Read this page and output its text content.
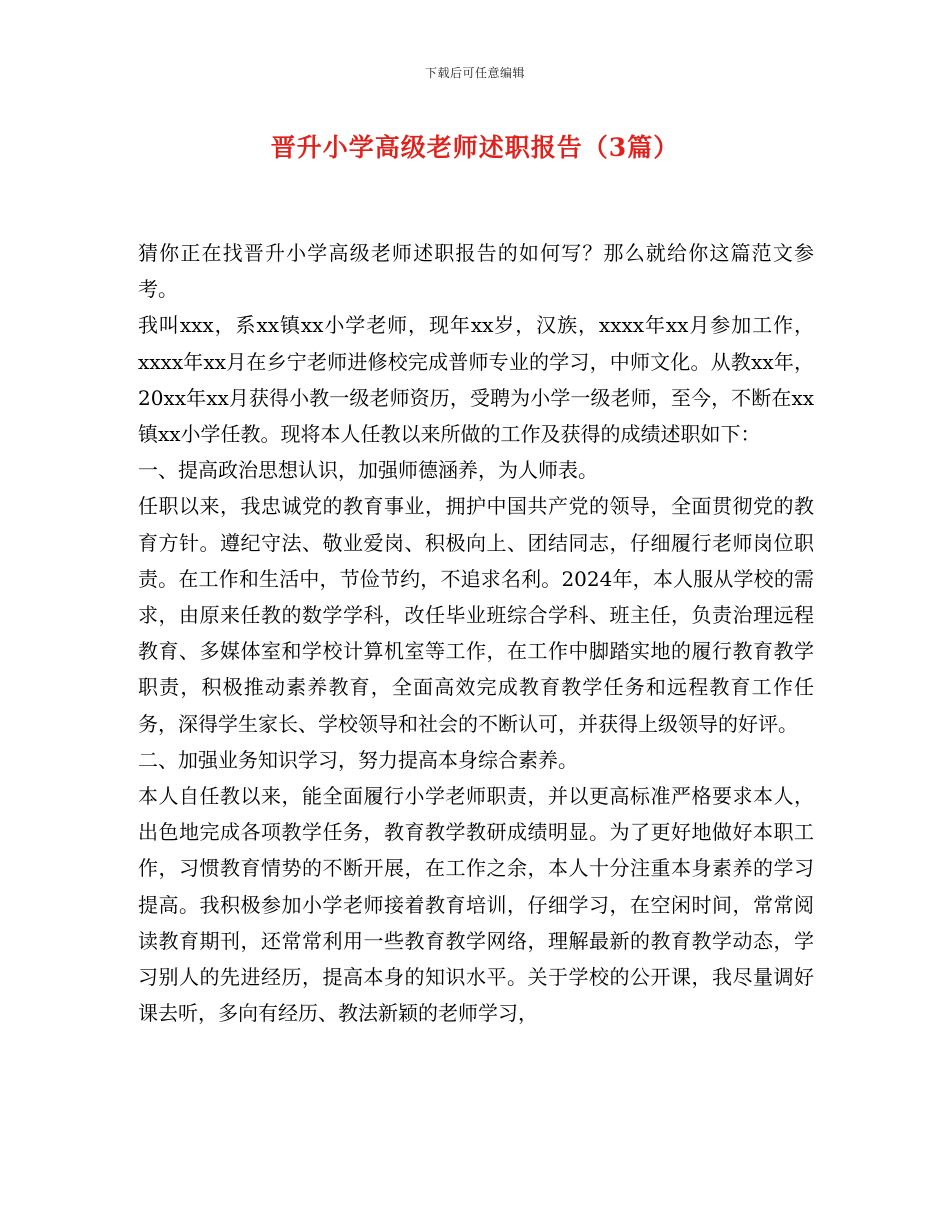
下载后可任意编辑
晋升小学高级老师述职报告（3篇）

猜你正在找晋升小学高级老师述职报告的如何写？那么就给你这篇范文参考。

我叫xxx，系xx镇xx小学老师，现年xx岁，汉族，xxxx年xx月参加工作，xxxx年xx月在乡宁老师进修校完成普师专业的学习，中师文化。从教xx年， 20xx年xx月获得小教一级老师资历，受聘为小学一级老师，至今，不断在xx镇xx小学任教。现将本人任教以来所做的工作及获得的成绩述职如下：

一、提高政治思想认识，加强师德涵养，为人师表。

任职以来，我忠诚党的教育事业，拥护中国共产党的领导，全面贯彻党的教育方针。遵纪守法、敬业爱岗、积极向上、团结同志，仔细履行老师岗位职责。在工作和生活中，节俭节约，不追求名利。2024年，本人服从学校的需求，由原来任教的数学学科，改任毕业班综合学科、班主任，负责治理远程教育、多媒体室和学校计算机室等工作，在工作中脚踏实地的履行教育教学职责，积极推动素养教育，全面高效完成教育教学任务和远程教育工作任务，深得学生家长、学校领导和社会的不断认可，并获得上级领导的好评。

二、加强业务知识学习，努力提高本身综合素养。

本人自任教以来，能全面履行小学老师职责，并以更高标准严格要求本人，出色地完成各项教学任务，教育教学教研成绩明显。为了更好地做好本职工作，习惯教育情势的不断开展，在工作之余，本人十分注重本身素养的学习提高。我积极参加小学老师接着教育培训，仔细学习，在空闲时间，常常阅读教育期刊，还常常利用一些教育教学网络，理解最新的教育教学动态，学习别人的先进经历，提高本身的知识水平。关于学校的公开课，我尽量调好课去听，多向有经历、教法新颖的老师学习，
